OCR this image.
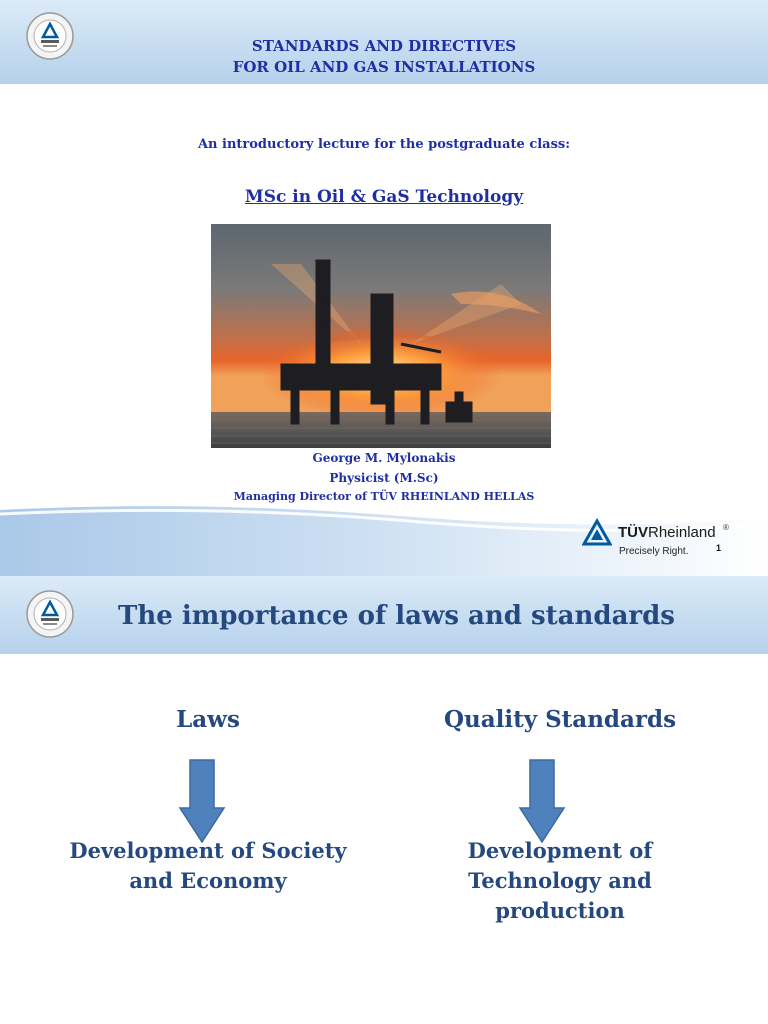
STANDARDS AND DIRECTIVES
FOR OIL AND GAS INSTALLATIONS
An introductory lecture for the postgraduate class:
MSc in Oil & GaS Technology
George M. Mylonakis
Physicist (M.Sc)
Managing Director of TÜV RHEINLAND HELLAS
TÜVRheinland ®
Precisely Right.	1
The importance of laws and standards
Laws	Quality Standards
Development of Society
and Economy
Development of
Technology and
production
